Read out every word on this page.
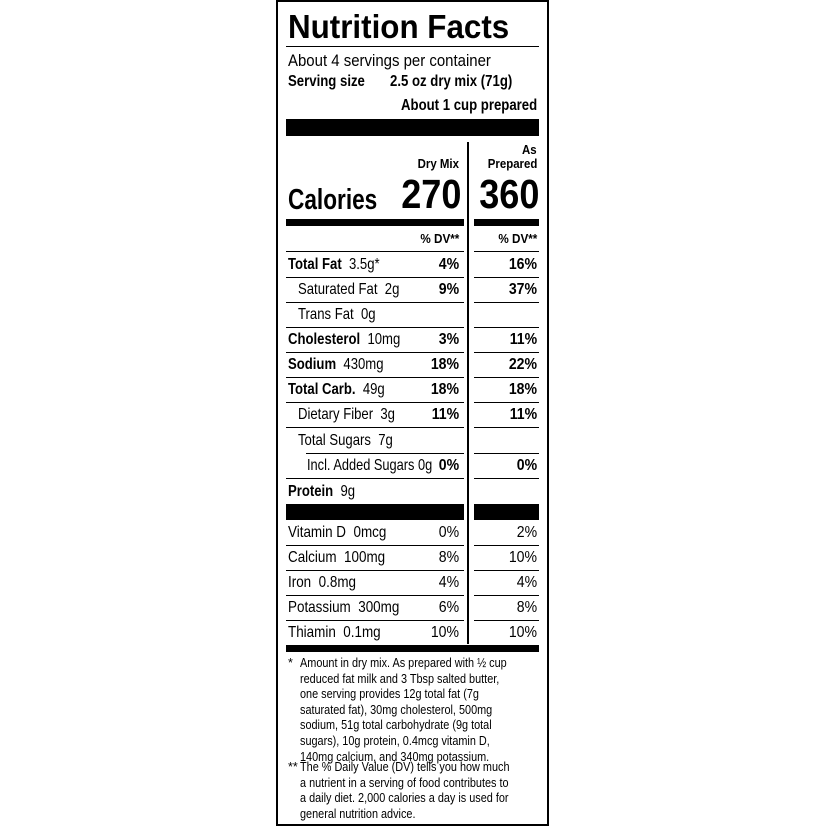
Nutrition Facts
About 4 servings per container
Serving size	2.5 oz dry mix (71g)
About 1 cup prepared
Dry Mix
As
Prepared
Calories 270 360
% DV**	% DV**
Total Fat 3.5g*	4%	16%
Saturated Fat 2g	9%	37%
Trans Fat 0g
Cholesterol 10mg	3%	11%
Sodium 430mg	18%	22%
Total Carb. 49g	18%	18%
Dietary Fiber 3g	11%	11%
Total Sugars 7g
Incl. Added Sugars 0g 0%	0%
Protein 9g
Vitamin D 0mcg	0%	2%
Calcium 100mg	8%	10%
Iron 0.8mg	4%	4%
Potassium 300mg	6%	8%
Thiamin 0.1mg	10%	10%
* Amount in dry mix. As prepared with ½ cup
reduced fat milk and 3 Tbsp salted butter,
one serving provides 12g total fat (7g
saturated fat), 30mg cholesterol, 500mg
sodium, 51g total carbohydrate (9g total
sugars), 10g protein, 0.4mcg vitamin D,
140mg calcium, and 340mg potassium.
** The % Daily Value (DV) tells you how much
a nutrient in a serving of food contributes to
a daily diet. 2,000 calories a day is used for
general nutrition advice.
